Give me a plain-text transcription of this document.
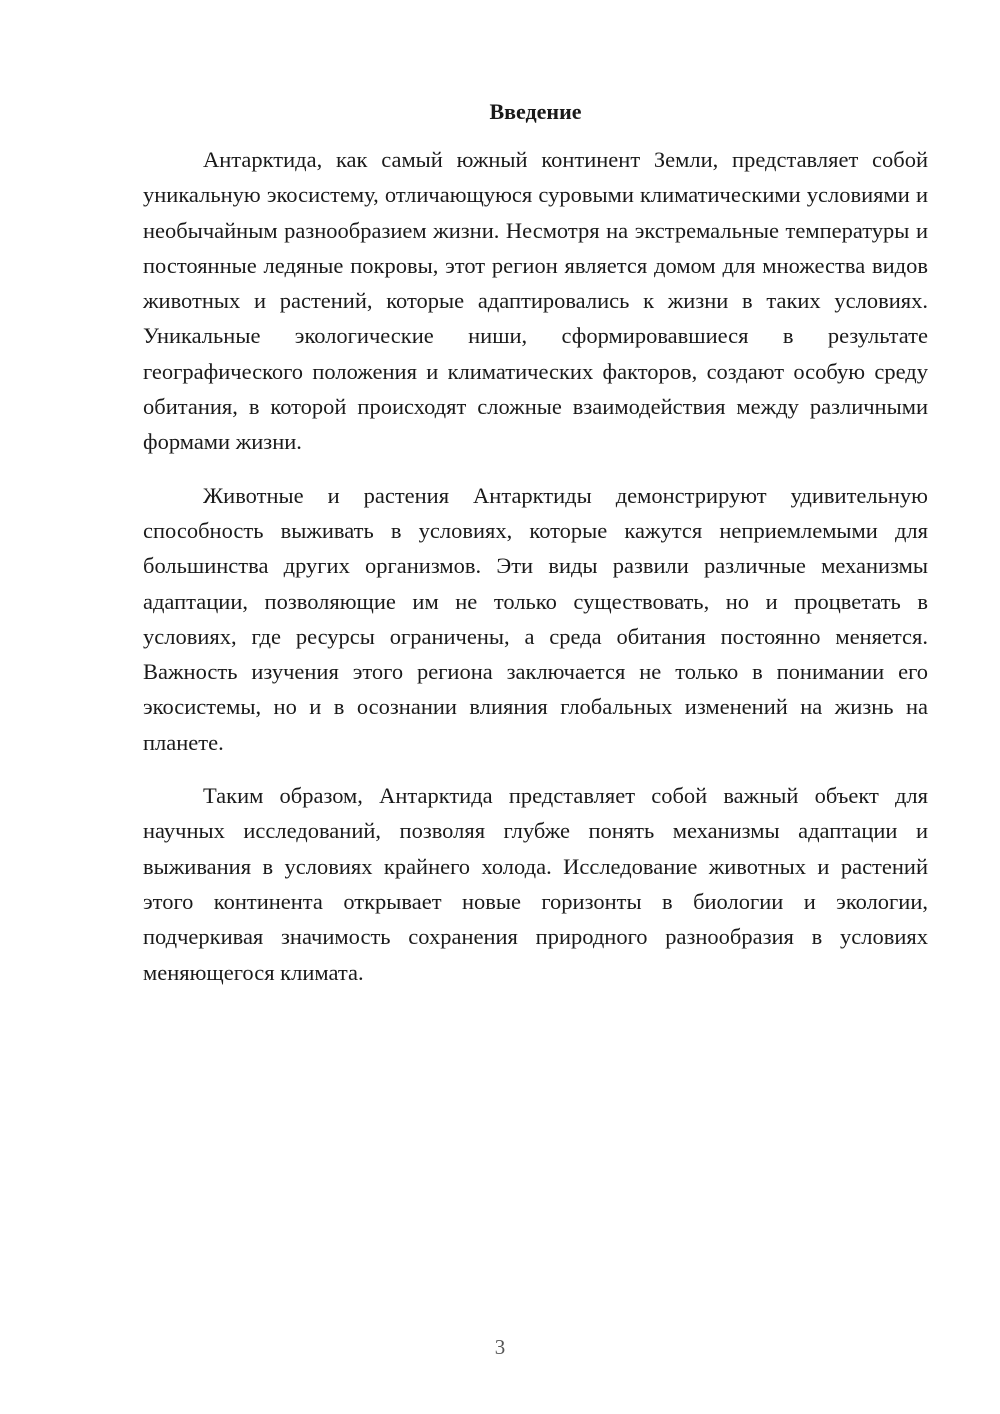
Введение

Антарктида, как самый южный континент Земли, представляет собой уникальную экосистему, отличающуюся суровыми климатическими условиями и необычайным разнообразием жизни. Несмотря на экстремальные температуры и постоянные ледяные покровы, этот регион является домом для множества видов животных и растений, которые адаптировались к жизни в таких условиях. Уникальные экологические ниши, сформировавшиеся в результате географического положения и климатических факторов, создают особую среду обитания, в которой происходят сложные взаимодействия между различными формами жизни.

Животные и растения Антарктиды демонстрируют удивительную способность выживать в условиях, которые кажутся неприемлемыми для большинства других организмов. Эти виды развили различные механизмы адаптации, позволяющие им не только существовать, но и процветать в условиях, где ресурсы ограничены, а среда обитания постоянно меняется. Важность изучения этого региона заключается не только в понимании его экосистемы, но и в осознании влияния глобальных изменений на жизнь на планете.

Таким образом, Антарктида представляет собой важный объект для научных исследований, позволяя глубже понять механизмы адаптации и выживания в условиях крайнего холода. Исследование животных и растений этого континента открывает новые горизонты в биологии и экологии, подчеркивая значимость сохранения природного разнообразия в условиях меняющегося климата.

3
